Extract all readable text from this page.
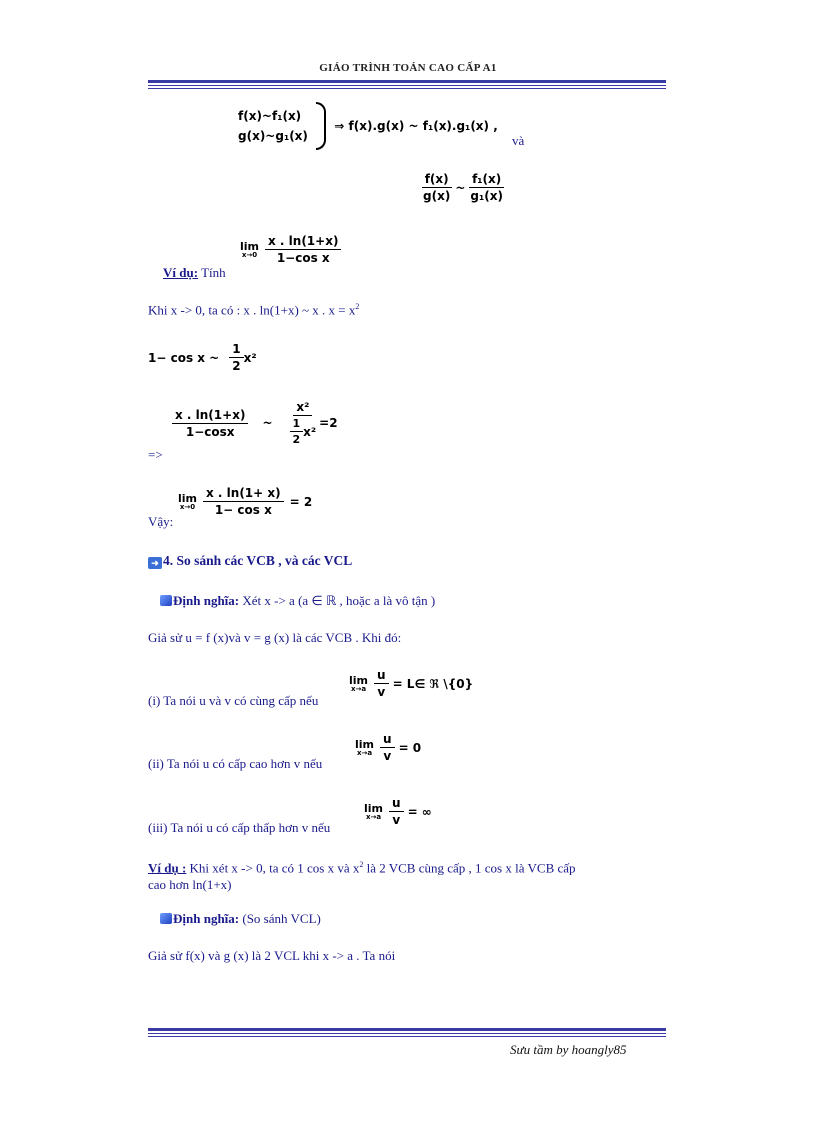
GIÁO TRÌNH TOÁN CAO CẤP A1
f(x)~f₁(x)
g(x)~g₁(x)
⇒ f(x).g(x) ~ f₁(x).g₁(x) ,
và
$\frac{f(x)}{g(x)}$ ~ $\frac{\text{f₁(x)}}{\text{g₁(x)}}$
lim
$x\to 0 \frac{x . \ln(1+x)}{\text{1−cos x}}$
Ví dụ: Tính
Khi x -> 0, ta có : x . ln(1+x) ~ x . $x = x^2$
1− cos x ~ $\frac{1}{2} x^2$
$\frac{x . \ln(1+x)}{1-\cos x}$ ~ $\frac{\text{x²}}{\frac{1}{2} x^2} =2$
=>
Vậy:
lim
$x\to 0 \frac{x . \ln(1+ x)}{\text{1− cos x}} = 2$
➜ 4. So sánh các VCB , và các VCL
Định nghĩa: Xét x -> a (a ∈ ℝ , hoặc a là vô tận )
Giả sử u = f (x)và v = g (x) là các VCB . Khi đó:
(i) Ta nói u và v có cùng cấp nếu
lim
$x\to a \frac{u}{v}$ = L∈ ℜ \{0}
(ii) Ta nói u có cấp cao hơn v nếu
lim
$x\to a \frac{u}{v} = 0$
(iii) Ta nói u có cấp thấp hơn v nếu
lim
$x\to a \frac{u}{v}$ = ∞
Ví dụ : Khi xét x -> 0, ta có 1 cos x và $x^2$ là 2 VCB cùng cấp , 1 cos x là VCB cấp
cao hơn ln(1+x)
Định nghĩa: (So sánh VCL)
Giả sử f(x) và g (x) là 2 VCL khi x -> a . Ta nói
Sưu tầm by hoangly85
